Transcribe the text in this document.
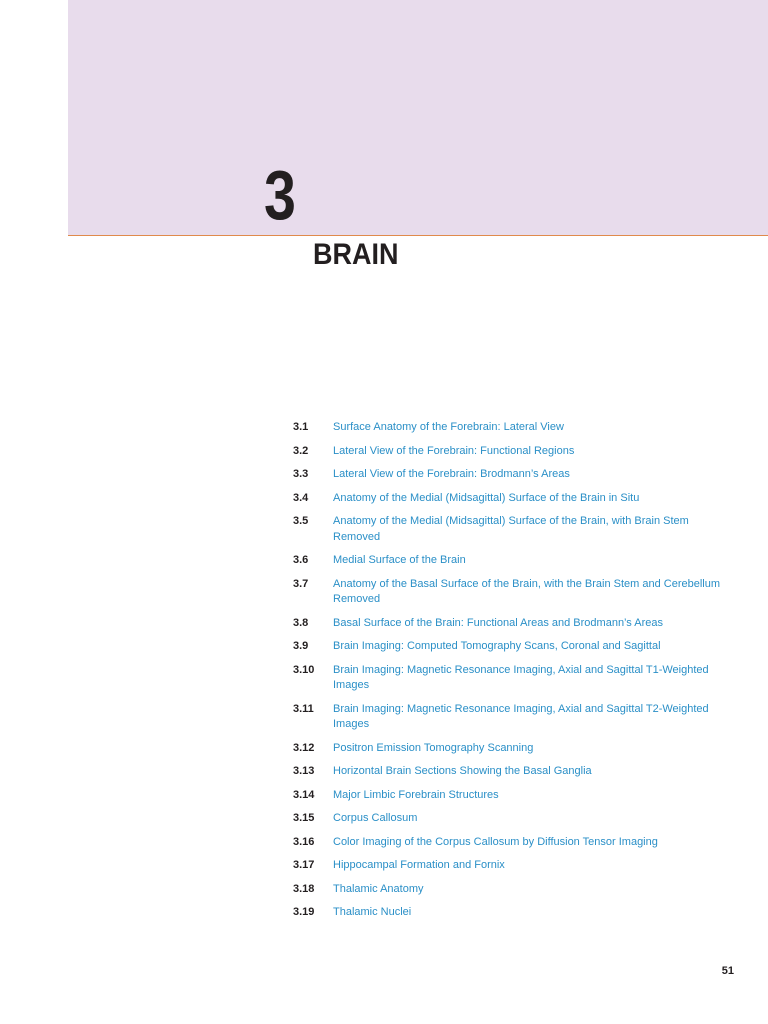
3
BRAIN
3.1	Surface Anatomy of the Forebrain: Lateral View
3.2	Lateral View of the Forebrain: Functional Regions
3.3	Lateral View of the Forebrain: Brodmann’s Areas
3.4	Anatomy of the Medial (Midsagittal) Surface of the Brain in Situ
3.5	Anatomy of the Medial (Midsagittal) Surface of the Brain, with Brain Stem Removed
3.6	Medial Surface of the Brain
3.7	Anatomy of the Basal Surface of the Brain, with the Brain Stem and Cerebellum Removed
3.8	Basal Surface of the Brain: Functional Areas and Brodmann’s Areas
3.9	Brain Imaging: Computed Tomography Scans, Coronal and Sagittal
3.10	Brain Imaging: Magnetic Resonance Imaging, Axial and Sagittal T1-Weighted Images
3.11	Brain Imaging: Magnetic Resonance Imaging, Axial and Sagittal T2-Weighted Images
3.12	Positron Emission Tomography Scanning
3.13	Horizontal Brain Sections Showing the Basal Ganglia
3.14	Major Limbic Forebrain Structures
3.15	Corpus Callosum
3.16	Color Imaging of the Corpus Callosum by Diffusion Tensor Imaging
3.17	Hippocampal Formation and Fornix
3.18	Thalamic Anatomy
3.19	Thalamic Nuclei
51
